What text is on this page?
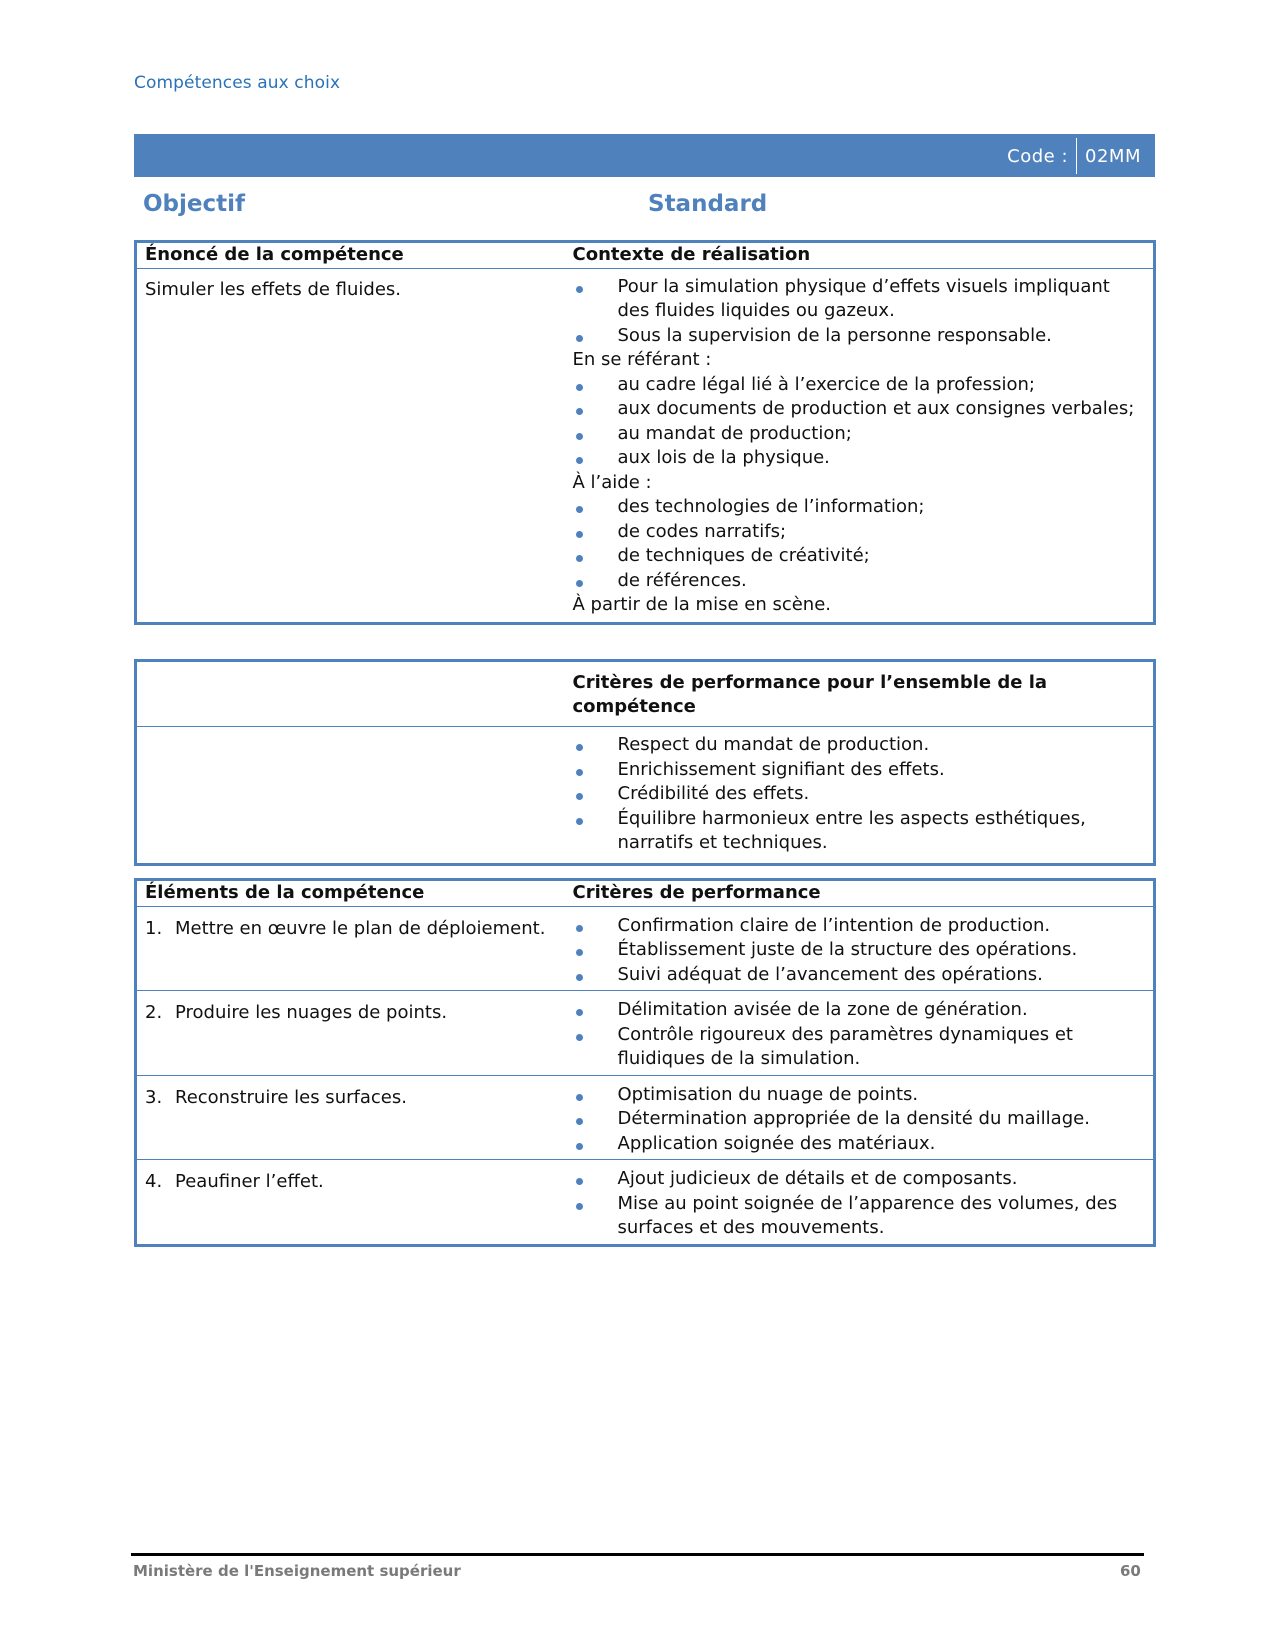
Compétences aux choix
Code : 02MM
Objectif	Standard
Énoncé de la compétence	Contexte de réalisation
Simuler les effets de fluides.	Pour la simulation physique d’effets visuels impliquant des fluides liquides ou gazeux.
Sous la supervision de la personne responsable.
En se référant :
au cadre légal lié à l’exercice de la profession;
aux documents de production et aux consignes verbales;
au mandat de production;
aux lois de la physique.
À l’aide :
des technologies de l’information;
de codes narratifs;
de techniques de créativité;
de références.
À partir de la mise en scène.
	Critères de performance pour l’ensemble de la compétence

Respect du mandat de production.
Enrichissement signifiant des effets.
Crédibilité des effets.
Équilibre harmonieux entre les aspects esthétiques, narratifs et techniques.
Éléments de la compétence	Critères de performance

1. Mettre en œuvre le plan de déploiement.	Confirmation claire de l’intention de production.
Établissement juste de la structure des opérations.
Suivi adéquat de l’avancement des opérations.

2. Produire les nuages de points.	Délimitation avisée de la zone de génération.
Contrôle rigoureux des paramètres dynamiques et fluidiques de la simulation.

3. Reconstruire les surfaces.	Optimisation du nuage de points.
Détermination appropriée de la densité du maillage.
Application soignée des matériaux.

4. Peaufiner l’effet.	Ajout judicieux de détails et de composants.
Mise au point soignée de l’apparence des volumes, des surfaces et des mouvements.
Ministère de l'Enseignement supérieur	60
